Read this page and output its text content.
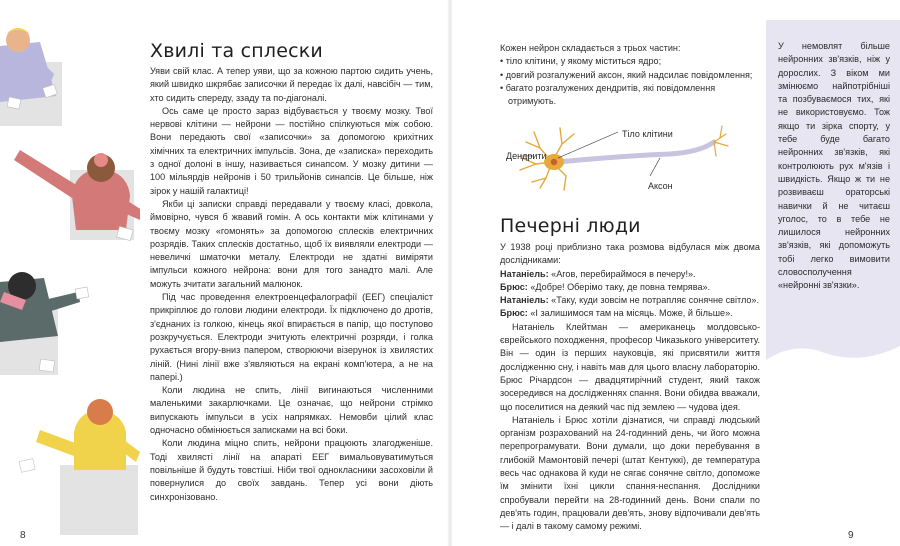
Хвилі та сплески

Уяви свій клас. А тепер уяви, що за кожною партою сидить учень, який швидко шкрябає записочки й передає їх далі, навсібіч — тим, хто сидить спереду, ззаду та по-діагоналі.

Ось саме це просто зараз відбувається у твоєму мозку. Твої нервові клітини — нейрони — постійно спілкуються між собою. Вони передають свої «записочки» за допомогою крихітних хімічних та електричних імпульсів. Зона, де «записка» переходить з одної долоні в іншу, називається синапсом. У мозку дитини — 100 мільярдів нейронів і 50 трильйонів синапсів. Це більше, ніж зірок у нашій галактиці!

Якби ці записки справді передавали у твоєму класі, довкола, ймовірно, чувся б жвавий гомін. А ось контакти між клітинами у твоєму мозку «гомонять» за допомогою сплесків електричних розрядів. Таких сплесків достатньо, щоб їх виявляли електроди — невеличкі шматочки металу. Електроди не здатні виміряти імпульси кожного нейрона: вони для того занадто малі. Але можуть зчитати загальний малюнок.

Під час проведення електроенцефалографії (ЕЕГ) спеціаліст прикріплює до голови людини електроди. Їх підключено до дротів, з'єднаних із голкою, кінець якої впирається в папір, що поступово розкручується. Електроди зчитують електричні розряди, і голка рухається вгору-вниз папером, створюючи візерунок із хвилястих ліній. (Нині лінії вже з'являються на екрані комп'ютера, а не на папері.)

Коли людина не спить, лінії вигинаються численними маленькими закарлючками. Це означає, що нейрони стрімко випускають імпульси в усіх напрямках. Немовби цілий клас одночасно обмінюється записками на всі боки.

Коли людина міцно спить, нейрони працюють злагодженіше. Тоді хвилясті лінії на апараті ЕЕГ вимальовуватимуться повільніше й будуть товстіші. Ніби твої однокласники засоховіли й повернулися до своїх завдань. Тепер усі вони діють синхронізовано.

8

Кожен нейрон складається з трьох частин:

• тіло клітини, у якому міститься ядро;
• довгий розгалужений аксон, який надсилає повідомлення;
• багато розгалужених дендритів, які повідомлення отримують.
Тіло клітини
Дендрити
Аксон
Печерні люди

У 1938 році приблизно така розмова відбулася між двома дослідниками:

Натаніель: «Агов, перебираймося в печеру!».

Брюс: «Добре! Оберімо таку, де повна темрява».

Натаніель: «Таку, куди зовсім не потрапляє сонячне світло».

Брюс: «І залишимося там на місяць. Може, й більше».

Натаніель Клейтман — американець молдовсько-єврейського походження, професор Чиказького університету. Він — один із перших науковців, які присвятили життя дослідженню сну, і навіть мав для цього власну лабораторію. Брюс Річардсон — двадцятирічний студент, який також зосередився на дослідженнях спання. Вони обидва вважали, що поселитися на деякий час під землею — чудова ідея.

Натаніель і Брюс хотіли дізнатися, чи справді людський організм розрахований на 24-годинний день, чи його можна перепрограмувати. Вони думали, що доки перебування в глибокій Мамонтовій печері (штат Кентуккі), де температура весь час однакова й куди не сягає сонячне світло, допоможе їм змінити їхні цикли спання-неспання. Дослідники спробували перейти на 28-годинний день. Вони спали по дев'ять годин, працювали дев'ять, знову відпочивали дев'ять — і далі в такому самому режимі.

У немовлят більше нейронних зв'язків, ніж у дорослих. З віком ми змінюємо найпотрібніші та позбуваємося тих, які не використовуємо. Тож якщо ти зірка спорту, у тебе буде багато нейронних зв'язків, які контролюють рух м'язів і швидкість. Якщо ж ти не розвиваєш ораторські навички й не читаєш уголос, то в тебе не лишилося нейронних зв'язків, які допоможуть тобі легко вимовити словосполучення «нейронні зв'язки».
9
